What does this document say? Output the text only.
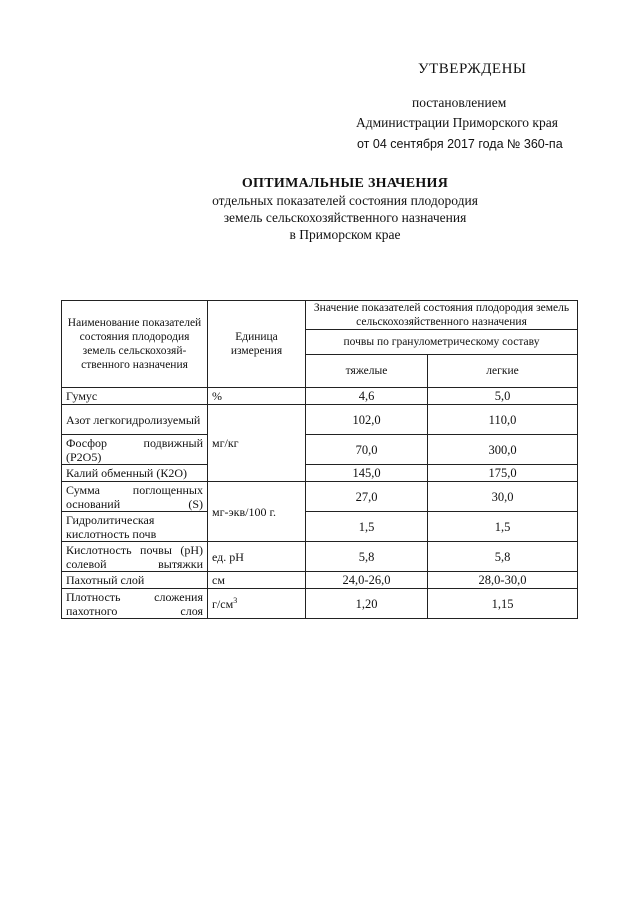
УТВЕРЖДЕНЫ
постановлением
Администрации Приморского края
от 04 сентября 2017 года № 360-па
ОПТИМАЛЬНЫЕ ЗНАЧЕНИЯ
отдельных показателей состояния плодородия
земель сельскохозяйственного назначения
в Приморском крае
Наименование показателей состояния плодородия земель сельскохозяй-ственного назначения	Единица измерения	Значение показателей состояния плодородия земель сельскохозяйственного назначения	
		почвы по гранулометрическому составу	
		тяжелые	легкие
Гумус	%	4,6	5,0
Азот легкогидролизуемый	мг/кг	102,0	110,0
Фосфор подвижный (P2O5)		70,0	300,0
Калий обменный (К2О)		145,0	175,0
Сумма поглощенных оснований (S)	мг-экв/100 г.	27,0	30,0
Гидролитическая кислотность почв		1,5	1,5
Кислотность почвы (рН) солевой вытяжки	ед. рН	5,8	5,8
Пахотный слой	см	24,0-26,0	28,0-30,0
Плотность сложения пахотного слоя	$г/см^3$	1,20	1,15
